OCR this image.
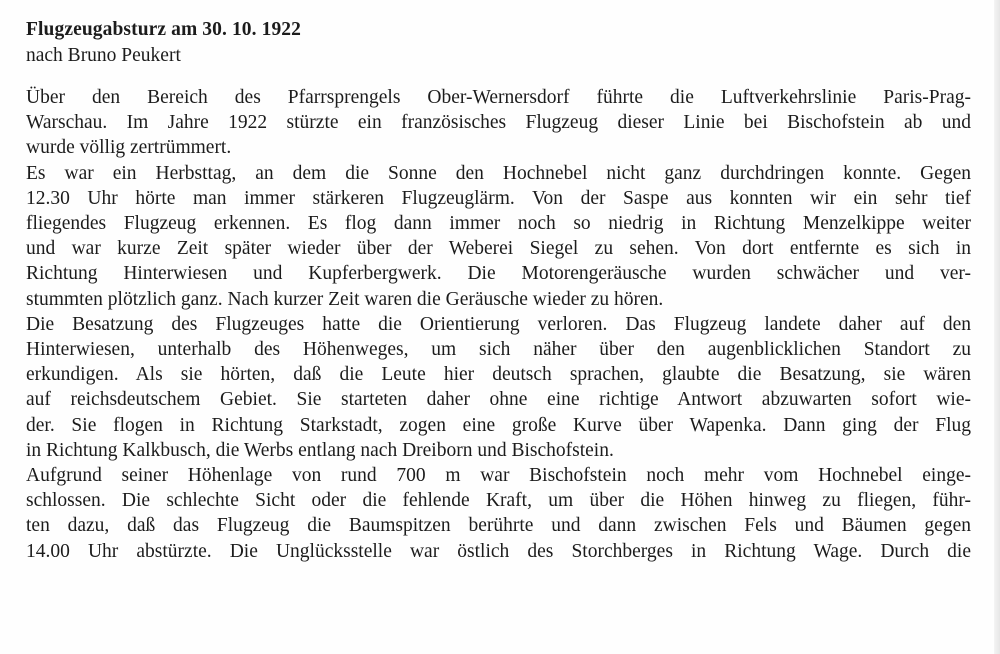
Flugzeugabsturz am 30. 10. 1922

nach Bruno Peukert

Über den Bereich des Pfarrsprengels Ober-Wernersdorf führte die Luftverkehrslinie Paris-Prag-
Warschau. Im Jahre 1922 stürzte ein französisches Flugzeug dieser Linie bei Bischofstein ab und
wurde völlig zertrümmert.

Es war ein Herbsttag, an dem die Sonne den Hochnebel nicht ganz durchdringen konnte. Gegen
12.30 Uhr hörte man immer stärkeren Flugzeuglärm. Von der Saspe aus konnten wir ein sehr tief
fliegendes Flugzeug erkennen. Es flog dann immer noch so niedrig in Richtung Menzelkippe weiter
und war kurze Zeit später wieder über der Weberei Siegel zu sehen. Von dort entfernte es sich in
Richtung Hinterwiesen und Kupferbergwerk. Die Motorengeräusche wurden schwächer und ver-
stummten plötzlich ganz. Nach kurzer Zeit waren die Geräusche wieder zu hören.

Die Besatzung des Flugzeuges hatte die Orientierung verloren. Das Flugzeug landete daher auf den
Hinterwiesen, unterhalb des Höhenweges, um sich näher über den augenblicklichen Standort zu
erkundigen. Als sie hörten, daß die Leute hier deutsch sprachen, glaubte die Besatzung, sie wären
auf reichsdeutschem Gebiet. Sie starteten daher ohne eine richtige Antwort abzuwarten sofort wie-
der. Sie flogen in Richtung Starkstadt, zogen eine große Kurve über Wapenka. Dann ging der Flug
in Richtung Kalkbusch, die Werbs entlang nach Dreiborn und Bischofstein.

Aufgrund seiner Höhenlage von rund 700 m war Bischofstein noch mehr vom Hochnebel einge-
schlossen. Die schlechte Sicht oder die fehlende Kraft, um über die Höhen hinweg zu fliegen, führ-
ten dazu, daß das Flugzeug die Baumspitzen berührte und dann zwischen Fels und Bäumen gegen
14.00 Uhr abstürzte. Die Unglücksstelle war östlich des Storchberges in Richtung Wage. Durch die
